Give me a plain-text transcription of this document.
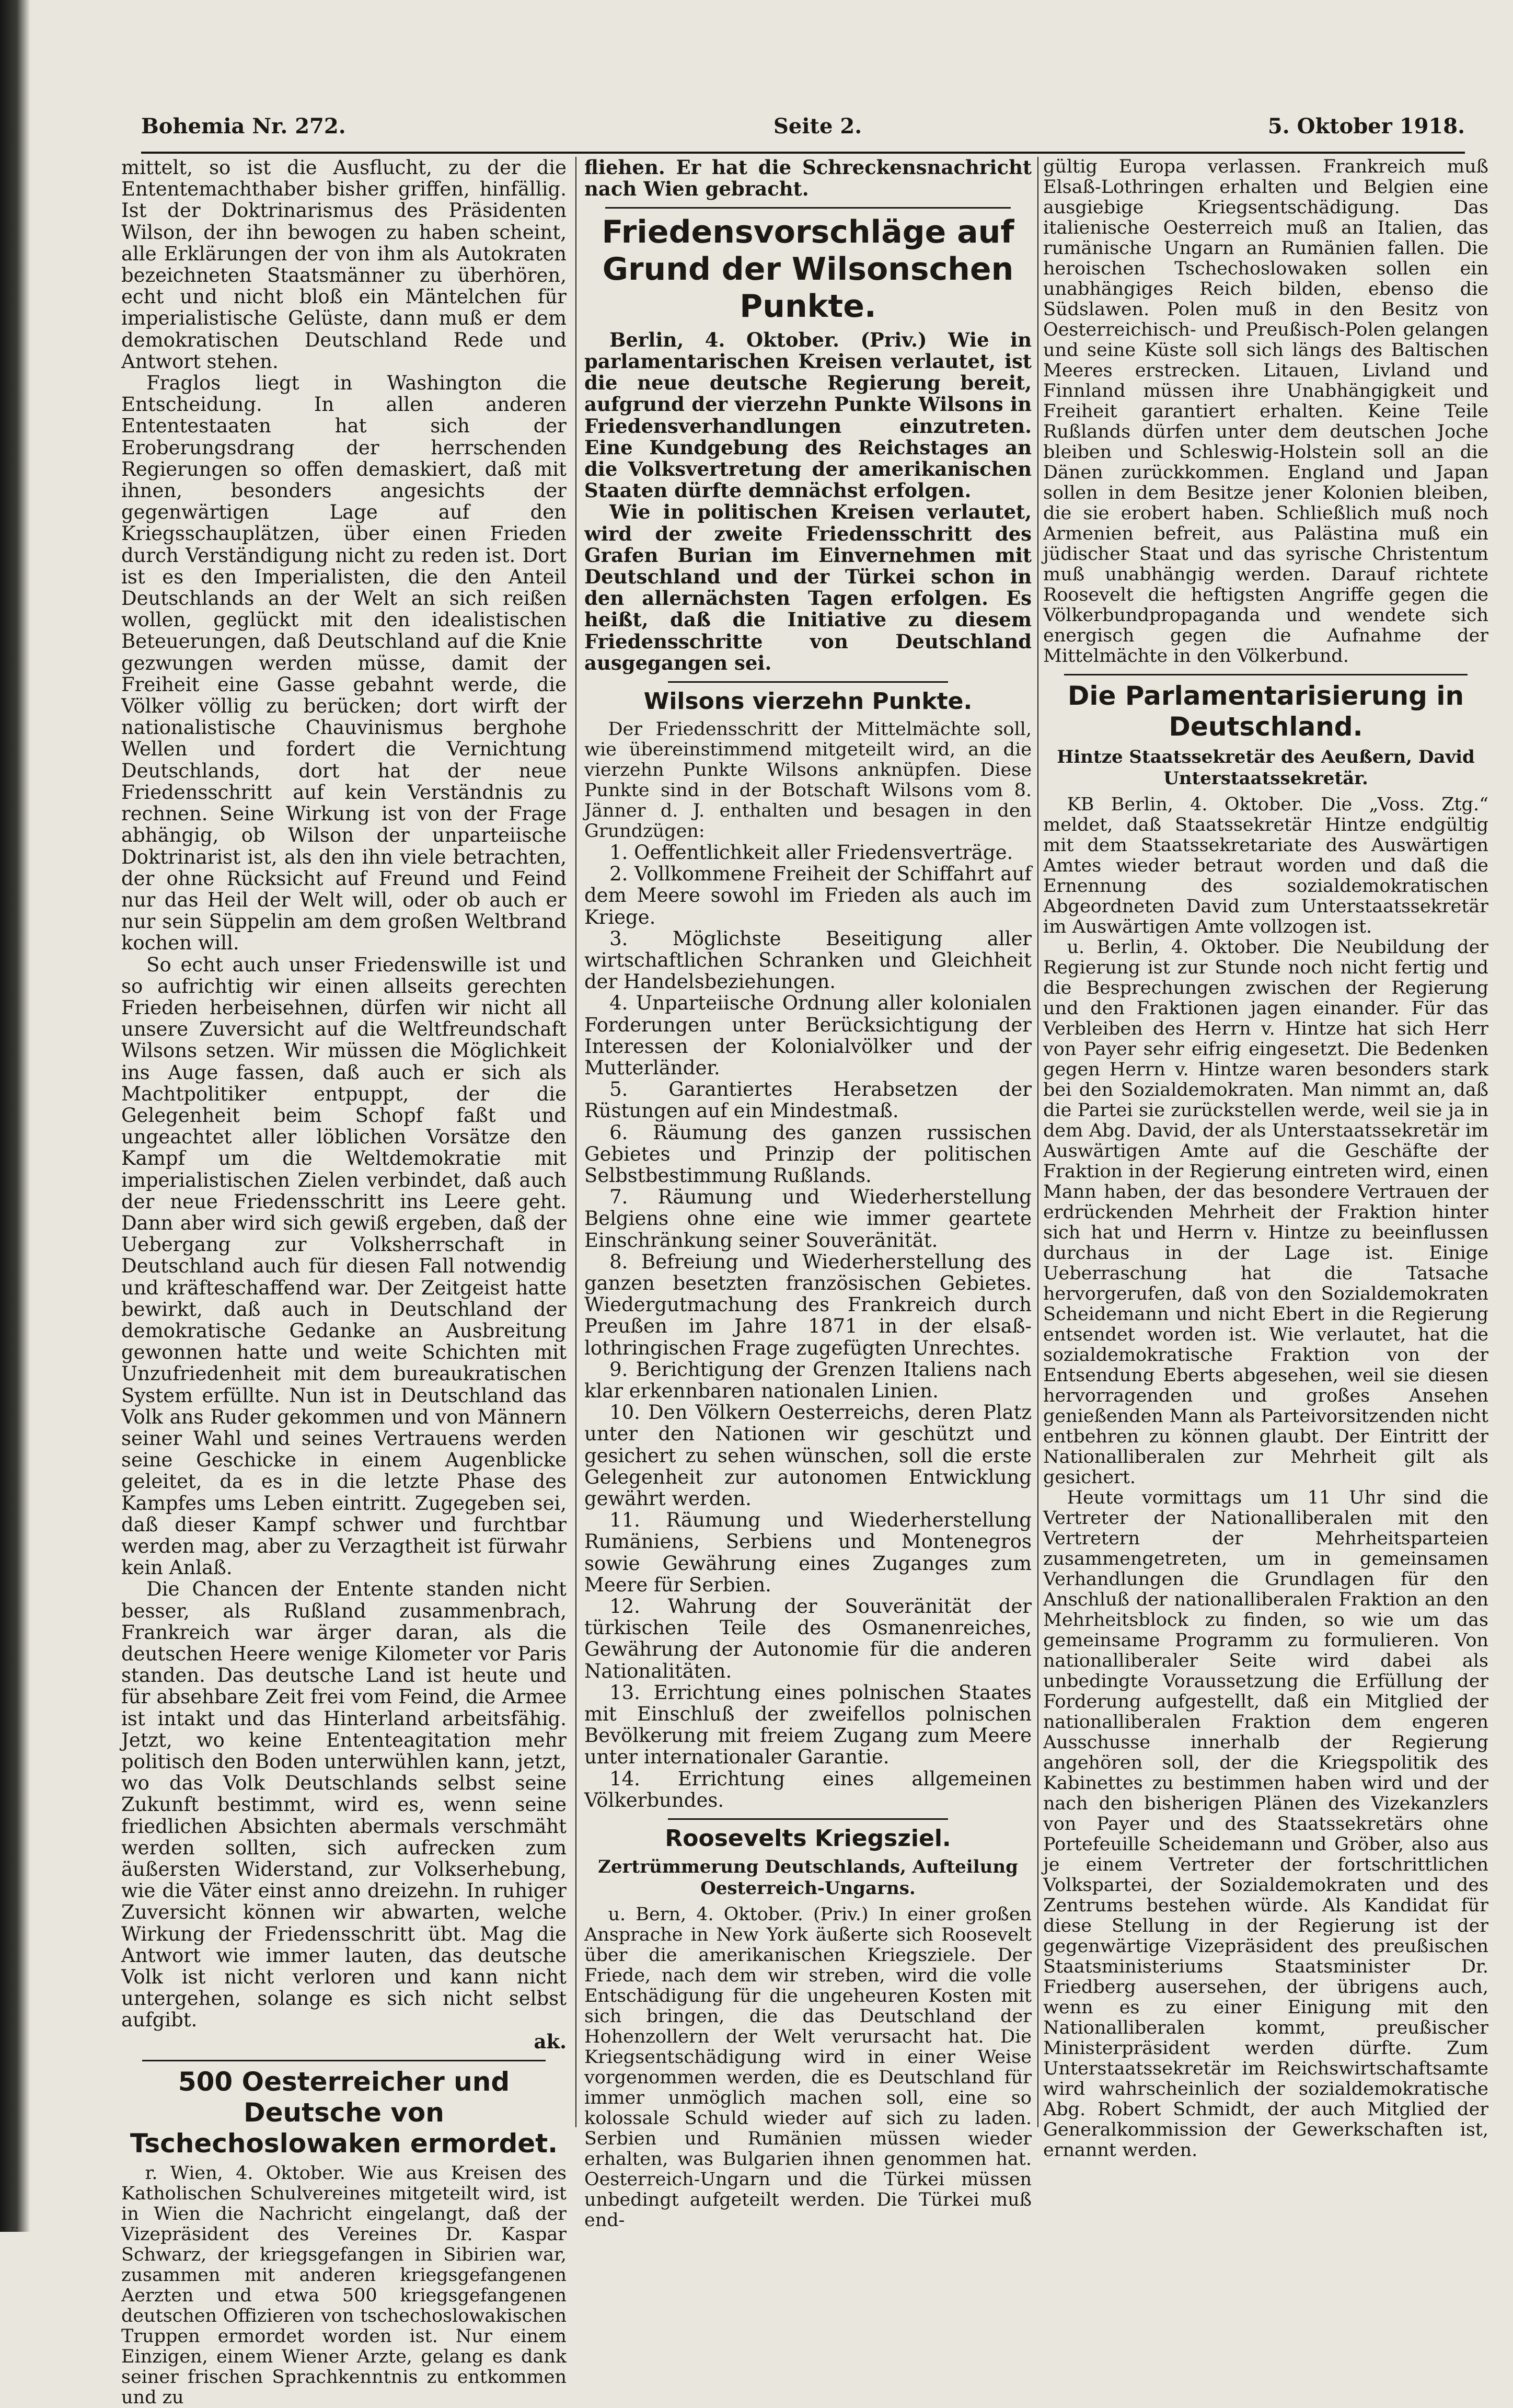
Bohemia Nr. 272.	Seite 2.	5. Oktober 1918.

mittelt, so ist die Ausflucht, zu der die Ententemachthaber bisher griffen, hinfällig. Ist der Doktrinarismus des Präsidenten Wilson, der ihn bewogen zu haben scheint, alle Erklärungen der von ihm als Autokraten bezeichneten Staatsmänner zu überhören, echt und nicht bloß ein Mäntelchen für imperialistische Gelüste, dann muß er dem demokratischen Deutschland Rede und Antwort stehen.

Fraglos liegt in Washington die Entscheidung. In allen anderen Ententestaaten hat sich der Eroberungsdrang der herrschenden Regierungen so offen demaskiert, daß mit ihnen, besonders angesichts der gegenwärtigen Lage auf den Kriegsschauplätzen, über einen Frieden durch Verständigung nicht zu reden ist. Dort ist es den Imperialisten, die den Anteil Deutschlands an der Welt an sich reißen wollen, geglückt mit den idealistischen Beteuerungen, daß Deutschland auf die Knie gezwungen werden müsse, damit der Freiheit eine Gasse gebahnt werde, die Völker völlig zu berücken; dort wirft der nationalistische Chauvinismus berghohe Wellen und fordert die Vernichtung Deutschlands, dort hat der neue Friedensschritt auf kein Verständnis zu rechnen. Seine Wirkung ist von der Frage abhängig, ob Wilson der unparteiische Doktrinarist ist, als den ihn viele betrachten, der ohne Rücksicht auf Freund und Feind nur das Heil der Welt will, oder ob auch er nur sein Süppelin am dem großen Weltbrand kochen will.

So echt auch unser Friedenswille ist und so aufrichtig wir einen allseits gerechten Frieden herbeisehnen, dürfen wir nicht all unsere Zuversicht auf die Weltfreundschaft Wilsons setzen. Wir müssen die Möglichkeit ins Auge fassen, daß auch er sich als Machtpolitiker entpuppt, der die Gelegenheit beim Schopf faßt und ungeachtet aller löblichen Vorsätze den Kampf um die Weltdemokratie mit imperialistischen Zielen verbindet, daß auch der neue Friedensschritt ins Leere geht. Dann aber wird sich gewiß ergeben, daß der Uebergang zur Volksherrschaft in Deutschland auch für diesen Fall notwendig und kräfteschaffend war. Der Zeitgeist hatte bewirkt, daß auch in Deutschland der demokratische Gedanke an Ausbreitung gewonnen hatte und weite Schichten mit Unzufriedenheit mit dem bureaukratischen System erfüllte. Nun ist in Deutschland das Volk ans Ruder gekommen und von Männern seiner Wahl und seines Vertrauens werden seine Geschicke in einem Augenblicke geleitet, da es in die letzte Phase des Kampfes ums Leben eintritt. Zugegeben sei, daß dieser Kampf schwer und furchtbar werden mag, aber zu Verzagtheit ist fürwahr kein Anlaß.

Die Chancen der Entente standen nicht besser, als Rußland zusammenbrach, Frankreich war ärger daran, als die deutschen Heere wenige Kilometer vor Paris standen. Das deutsche Land ist heute und für absehbare Zeit frei vom Feind, die Armee ist intakt und das Hinterland arbeitsfähig. Jetzt, wo keine Ententeagitation mehr politisch den Boden unterwühlen kann, jetzt, wo das Volk Deutschlands selbst seine Zukunft bestimmt, wird es, wenn seine friedlichen Absichten abermals verschmäht werden sollten, sich aufrecken zum äußersten Widerstand, zur Volkserhebung, wie die Väter einst anno dreizehn. In ruhiger Zuversicht können wir abwarten, welche Wirkung der Friedensschritt übt. Mag die Antwort wie immer lauten, das deutsche Volk ist nicht verloren und kann nicht untergehen, solange es sich nicht selbst aufgibt.

ak.
500 Oesterreicher und Deutsche von Tschechoslowaken ermordet.

r. Wien, 4. Oktober. Wie aus Kreisen des Katholischen Schulvereines mitgeteilt wird, ist in Wien die Nachricht eingelangt, daß der Vizepräsident des Vereines Dr. Kaspar Schwarz, der kriegsgefangen in Sibirien war, zusammen mit anderen kriegsgefangenen Aerzten und etwa 500 kriegsgefangenen deutschen Offizieren von tschechoslowakischen Truppen ermordet worden ist. Nur einem Einzigen, einem Wiener Arzte, gelang es dank seiner frischen Sprachkenntnis zu entkommen und zu

fliehen. Er hat die Schreckensnachricht nach Wien gebracht.

Friedensvorschläge auf Grund der Wilsonschen Punkte.

Berlin, 4. Oktober. (Priv.) Wie in parlamentarischen Kreisen verlautet, ist die neue deutsche Regierung bereit, aufgrund der vierzehn Punkte Wilsons in Friedensverhandlungen einzutreten. Eine Kundgebung des Reichstages an die Volksvertretung der amerikanischen Staaten dürfte demnächst erfolgen.

Wie in politischen Kreisen verlautet, wird der zweite Friedensschritt des Grafen Burian im Einvernehmen mit Deutschland und der Türkei schon in den allernächsten Tagen erfolgen. Es heißt, daß die Initiative zu diesem Friedensschritte von Deutschland ausgegangen sei.

Wilsons vierzehn Punkte.

Der Friedensschritt der Mittelmächte soll, wie übereinstimmend mitgeteilt wird, an die vierzehn Punkte Wilsons anknüpfen. Diese Punkte sind in der Botschaft Wilsons vom 8. Jänner d. J. enthalten und besagen in den Grundzügen:

1. Oeffentlichkeit aller Friedensverträge.
2. Vollkommene Freiheit der Schiffahrt auf dem Meere sowohl im Frieden als auch im Kriege.
3. Möglichste Beseitigung aller wirtschaftlichen Schranken und Gleichheit der Handelsbeziehungen.
4. Unparteiische Ordnung aller kolonialen Forderungen unter Berücksichtigung der Interessen der Kolonialvölker und der Mutterländer.
5. Garantiertes Herabsetzen der Rüstungen auf ein Mindestmaß.
6. Räumung des ganzen russischen Gebietes und Prinzip der politischen Selbstbestimmung Rußlands.
7. Räumung und Wiederherstellung Belgiens ohne eine wie immer geartete Einschränkung seiner Souveränität.
8. Befreiung und Wiederherstellung des ganzen besetzten französischen Gebietes. Wiedergutmachung des Frankreich durch Preußen im Jahre 1871 in der elsaß-lothringischen Frage zugefügten Unrechtes.
9. Berichtigung der Grenzen Italiens nach klar erkennbaren nationalen Linien.
10. Den Völkern Oesterreichs, deren Platz unter den Nationen wir geschützt und gesichert zu sehen wünschen, soll die erste Gelegenheit zur autonomen Entwicklung gewährt werden.
11. Räumung und Wiederherstellung Rumäniens, Serbiens und Montenegros sowie Gewährung eines Zuganges zum Meere für Serbien.
12. Wahrung der Souveränität der türkischen Teile des Osmanenreiches, Gewährung der Autonomie für die anderen Nationalitäten.
13. Errichtung eines polnischen Staates mit Einschluß der zweifellos polnischen Bevölkerung mit freiem Zugang zum Meere unter internationaler Garantie.
14. Errichtung eines allgemeinen Völkerbundes.
Roosevelts Kriegsziel.
Zertrümmerung Deutschlands, Aufteilung Oesterreich-Ungarns.

u. Bern, 4. Oktober. (Priv.) In einer großen Ansprache in New York äußerte sich Roosevelt über die amerikanischen Kriegsziele. Der Friede, nach dem wir streben, wird die volle Entschädigung für die ungeheuren Kosten mit sich bringen, die das Deutschland der Hohenzollern der Welt verursacht hat. Die Kriegsentschädigung wird in einer Weise vorgenommen werden, die es Deutschland für immer unmöglich machen soll, eine so kolossale Schuld wieder auf sich zu laden. Serbien und Rumänien müssen wieder erhalten, was Bulgarien ihnen genommen hat. Oesterreich-Ungarn und die Türkei müssen unbedingt aufgeteilt werden. Die Türkei muß end-

gültig Europa verlassen. Frankreich muß Elsaß-Lothringen erhalten und Belgien eine ausgiebige Kriegsentschädigung. Das italienische Oesterreich muß an Italien, das rumänische Ungarn an Rumänien fallen. Die heroischen Tschechoslowaken sollen ein unabhängiges Reich bilden, ebenso die Südslawen. Polen muß in den Besitz von Oesterreichisch- und Preußisch-Polen gelangen und seine Küste soll sich längs des Baltischen Meeres erstrecken. Litauen, Livland und Finnland müssen ihre Unabhängigkeit und Freiheit garantiert erhalten. Keine Teile Rußlands dürfen unter dem deutschen Joche bleiben und Schleswig-Holstein soll an die Dänen zurückkommen. England und Japan sollen in dem Besitze jener Kolonien bleiben, die sie erobert haben. Schließlich muß noch Armenien befreit, aus Palästina muß ein jüdischer Staat und das syrische Christentum muß unabhängig werden. Darauf richtete Roosevelt die heftigsten Angriffe gegen die Völkerbundpropaganda und wendete sich energisch gegen die Aufnahme der Mittelmächte in den Völkerbund.

Die Parlamentarisierung in Deutschland.
Hintze Staatssekretär des Aeußern, David Unterstaatssekretär.

KB Berlin, 4. Oktober. Die „Voss. Ztg.“ meldet, daß Staatssekretär Hintze endgültig mit dem Staatssekretariate des Auswärtigen Amtes wieder betraut worden und daß die Ernennung des sozialdemokratischen Abgeordneten David zum Unterstaatssekretär im Auswärtigen Amte vollzogen ist.

u. Berlin, 4. Oktober. Die Neubildung der Regierung ist zur Stunde noch nicht fertig und die Besprechungen zwischen der Regierung und den Fraktionen jagen einander. Für das Verbleiben des Herrn v. Hintze hat sich Herr von Payer sehr eifrig eingesetzt. Die Bedenken gegen Herrn v. Hintze waren besonders stark bei den Sozialdemokraten. Man nimmt an, daß die Partei sie zurückstellen werde, weil sie ja in dem Abg. David, der als Unterstaatssekretär im Auswärtigen Amte auf die Geschäfte der Fraktion in der Regierung eintreten wird, einen Mann haben, der das besondere Vertrauen der erdrückenden Mehrheit der Fraktion hinter sich hat und Herrn v. Hintze zu beeinflussen durchaus in der Lage ist. Einige Ueberraschung hat die Tatsache hervorgerufen, daß von den Sozialdemokraten Scheidemann und nicht Ebert in die Regierung entsendet worden ist. Wie verlautet, hat die sozialdemokratische Fraktion von der Entsendung Eberts abgesehen, weil sie diesen hervorragenden und großes Ansehen genießenden Mann als Parteivorsitzenden nicht entbehren zu können glaubt. Der Eintritt der Nationalliberalen zur Mehrheit gilt als gesichert.

Heute vormittags um 11 Uhr sind die Vertreter der Nationalliberalen mit den Vertretern der Mehrheitsparteien zusammengetreten, um in gemeinsamen Verhandlungen die Grundlagen für den Anschluß der nationalliberalen Fraktion an den Mehrheitsblock zu finden, so wie um das gemeinsame Programm zu formulieren. Von nationalliberaler Seite wird dabei als unbedingte Voraussetzung die Erfüllung der Forderung aufgestellt, daß ein Mitglied der nationalliberalen Fraktion dem engeren Ausschusse innerhalb der Regierung angehören soll, der die Kriegspolitik des Kabinettes zu bestimmen haben wird und der nach den bisherigen Plänen des Vizekanzlers von Payer und des Staatssekretärs ohne Portefeuille Scheidemann und Gröber, also aus je einem Vertreter der fortschrittlichen Volkspartei, der Sozialdemokraten und des Zentrums bestehen würde. Als Kandidat für diese Stellung in der Regierung ist der gegenwärtige Vizepräsident des preußischen Staatsministeriums Staatsminister Dr. Friedberg ausersehen, der übrigens auch, wenn es zu einer Einigung mit den Nationalliberalen kommt, preußischer Ministerpräsident werden dürfte. Zum Unterstaatssekretär im Reichswirtschaftsamte wird wahrscheinlich der sozialdemokratische Abg. Robert Schmidt, der auch Mitglied der Generalkommission der Gewerkschaften ist, ernannt werden.
